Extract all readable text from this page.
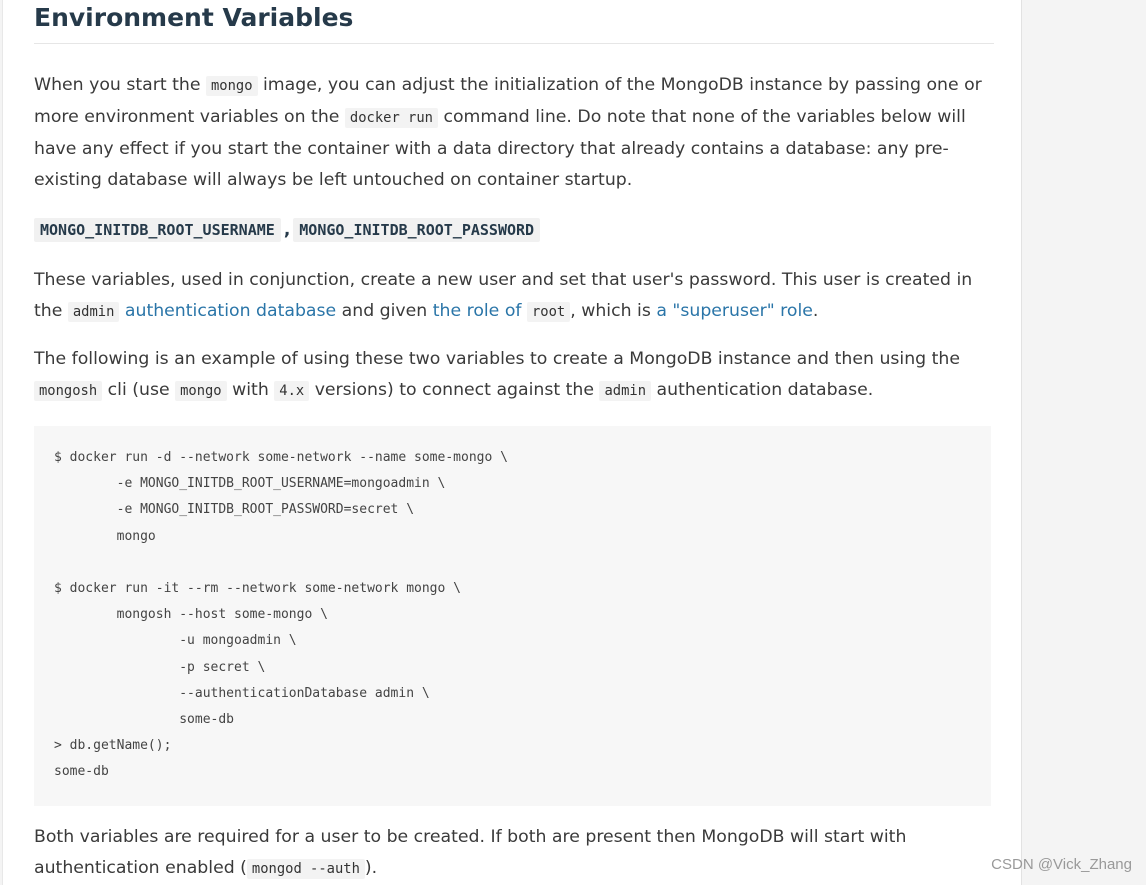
Environment Variables

When you start the mongo image, you can adjust the initialization of the MongoDB instance by passing one or more environment variables on the docker run command line. Do note that none of the variables below will have any effect if you start the container with a data directory that already contains a database: any pre-existing database will always be left untouched on container startup.

MONGO_INITDB_ROOT_USERNAME , MONGO_INITDB_ROOT_PASSWORD

These variables, used in conjunction, create a new user and set that user's password. This user is created in the admin authentication database and given the role of root , which is a "superuser" role.

The following is an example of using these two variables to create a MongoDB instance and then using the mongosh cli (use mongo with 4.x versions) to connect against the admin authentication database.

$ docker run -d --network some-network --name some-mongo \
-e MONGO_INITDB_ROOT_USERNAME=mongoadmin \
-e MONGO_INITDB_ROOT_PASSWORD=secret \
mongo

$ docker run -it --rm --network some-network mongo \
mongosh --host some-mongo \
-u mongoadmin \
-p secret \
--authenticationDatabase admin \
some-db
> db.getName();
some-db

Both variables are required for a user to be created. If both are present then MongoDB will start with authentication enabled ( mongod --auth ).	CSDN @Vick_Zhang
